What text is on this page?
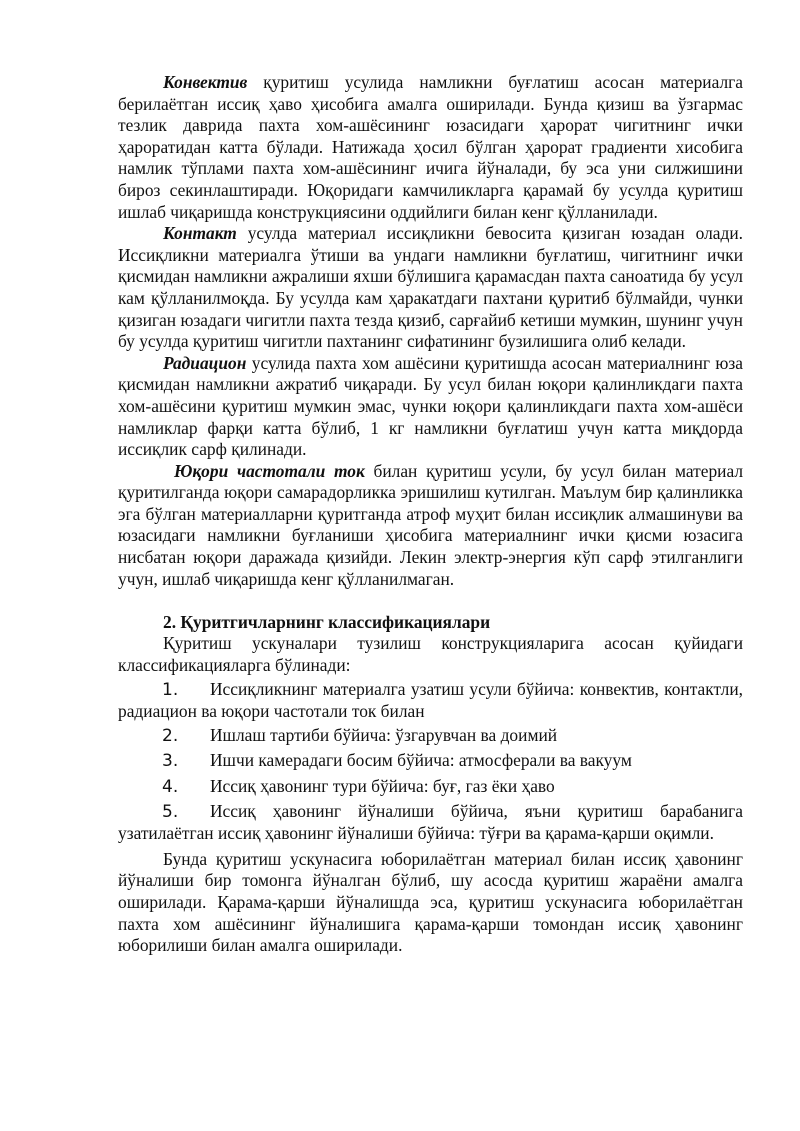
Конвектив қуритиш усулида намликни буғлатиш асосан материалга берилаётган иссиқ ҳаво ҳисобига амалга оширилади. Бунда қизиш ва ўзгармас тезлик даврида пахта хом-ашёсининг юзасидаги ҳарорат чигитнинг ички ҳароратидан катта бўлади. Натижада ҳосил бўлган ҳарорат градиенти хисобига намлик тўплами пахта хом-ашёсининг ичига йўналади, бу эса уни силжишини бироз секинлаштиради. Юқоридаги камчиликларга қарамай бу усулда қуритиш ишлаб чиқаришда конструкциясини оддийлиги билан кенг қўлланилади.

Контакт усулда материал иссиқликни бевосита қизиган юзадан олади. Иссиқликни материалга ўтиши ва ундаги намликни буғлатиш, чигитнинг ички қисмидан намликни ажралиши яхши бўлишига қарамасдан пахта саноатида бу усул кам қўлланилмоқда. Бу усулда кам ҳаракатдаги пахтани қуритиб бўлмайди, чунки қизиган юзадаги чигитли пахта тезда қизиб, сарғайиб кетиши мумкин, шунинг учун бу усулда қуритиш чигитли пахтанинг сифатининг бузилишига олиб келади.

Радиацион усулида пахта хом ашёсини қуритишда асосан материалнинг юза қисмидан намликни ажратиб чиқаради. Бу усул билан юқори қалинликдаги пахта хом-ашёсини қуритиш мумкин эмас, чунки юқори қалинликдаги пахта хом-ашёси намликлар фарқи катта бўлиб, 1 кг намликни буғлатиш учун катта миқдорда иссиқлик сарф қилинади.

Юқори частотали ток билан қуритиш усули, бу усул билан материал қуритилганда юқори самарадорликка эришилиш кутилган. Маълум бир қалинликка эга бўлган материалларни қуритганда атроф муҳит билан иссиқлик алмашинуви ва юзасидаги намликни буғланиши ҳисобига материалнинг ички қисми юзасига нисбатан юқори даражада қизийди. Лекин электр-энергия кўп сарф этилганлиги учун, ишлаб чиқаришда кенг қўлланилмаган.

2. Қуритгичларнинг классификациялари

Қуритиш ускуналари тузилиш конструкцияларига асосан қуйидаги классификацияларга бўлинади:

1. Иссиқликнинг материалга узатиш усули бўйича: конвектив, контактли, радиацион ва юқори частотали ток билан
2. Ишлаш тартиби бўйича: ўзгарувчан ва доимий
3. Ишчи камерадаги босим бўйича: атмосферали ва вакуум
4. Иссиқ ҳавонинг тури бўйича: буғ, газ ёки ҳаво
5. Иссиқ ҳавонинг йўналиши бўйича, яъни қуритиш барабанига узатилаётган иссиқ ҳавонинг йўналиши бўйича: тўғри ва қарама-қарши оқимли.

Бунда қуритиш ускунасига юборилаётган материал билан иссиқ ҳавонинг йўналиши бир томонга йўналган бўлиб, шу асосда қуритиш жараёни амалга оширилади. Қарама-қарши йўналишда эса, қуритиш ускунасига юборилаётган пахта хом ашёсининг йўналишига қарама-қарши томондан иссиқ ҳавонинг юборилиши билан амалга оширилади.
